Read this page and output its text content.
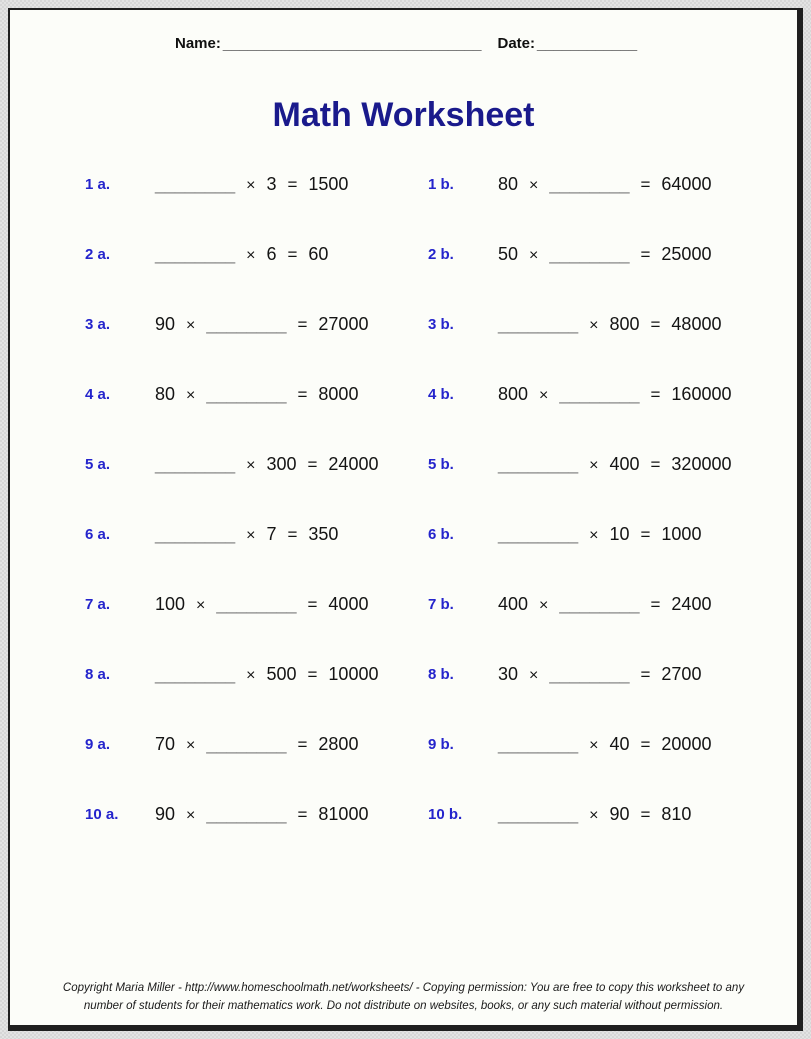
Name: _______________________________ Date: ____________
Math Worksheet
1 a.	________ × 3 = 1500	1 b.	80 × ________ = 64000
2 a.	________ × 6 = 60	2 b.	50 × ________ = 25000
3 a.	90 × ________ = 27000	3 b.	________ × 800 = 48000
4 a.	80 × ________ = 8000	4 b.	800 × ________ = 160000
5 a.	________ × 300 = 24000	5 b.	________ × 400 = 320000
6 a.	________ × 7 = 350	6 b.	________ × 10 = 1000
7 a.	100 × ________ = 4000	7 b.	400 × ________ = 2400
8 a.	________ × 500 = 10000	8 b.	30 × ________ = 2700
9 a.	70 × ________ = 2800	9 b.	________ × 40 = 20000
10 a.	90 × ________ = 81000	10 b.	________ × 90 = 810
Copyright Maria Miller - http://www.homeschoolmath.net/worksheets/ - Copying permission: You are free to copy this worksheet to any
number of students for their mathematics work. Do not distribute on websites, books, or any such material without permission.
